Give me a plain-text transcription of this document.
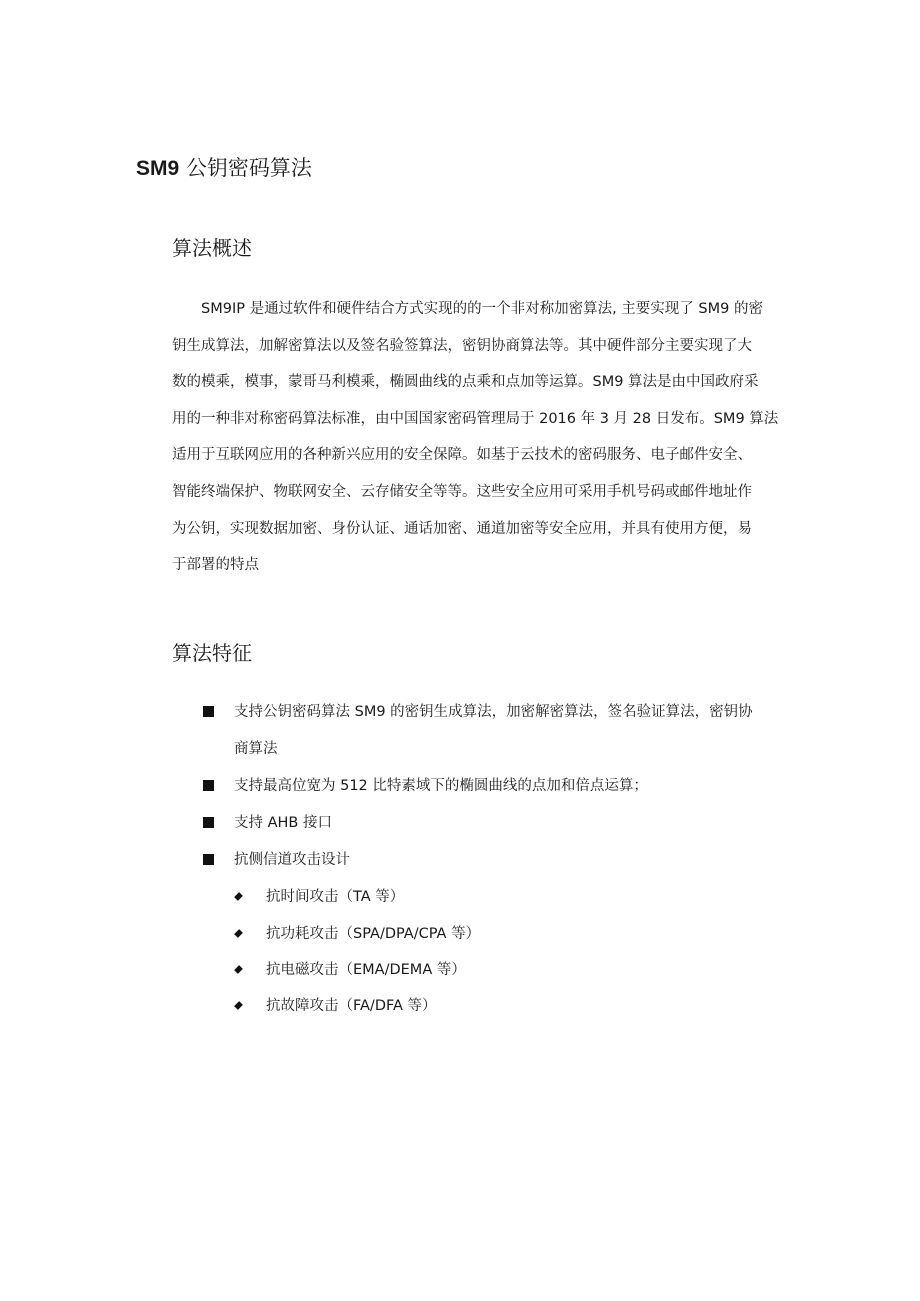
SM9 公钥密码算法
算法概述

SM9IP 是通过软件和硬件结合方式实现的的一个非对称加密算法, 主要实现了 SM9 的密
钥生成算法，加解密算法以及签名验签算法，密钥协商算法等。其中硬件部分主要实现了大
数的模乘，模事，蒙哥马利模乘，椭圆曲线的点乘和点加等运算。SM9 算法是由中国政府采
用的一种非对称密码算法标准，由中国国家密码管理局于 2016 年 3 月 28 日发布。SM9 算法
适用于互联网应用的各种新兴应用的安全保障。如基于云技术的密码服务、电子邮件安全、
智能终端保护、物联网安全、云存储安全等等。这些安全应用可采用手机号码或邮件地址作
为公钥，实现数据加密、身份认证、通话加密、通道加密等安全应用，并具有使用方便，易
于部署的特点

算法特征
支持公钥密码算法 SM9 的密钥生成算法，加密解密算法，签名验证算法，密钥协
商算法
支持最高位宽为 512 比特素域下的椭圆曲线的点加和倍点运算；
支持 AHB 接口
抗侧信道攻击设计
抗时间攻击（TA 等）
抗功耗攻击（SPA/DPA/CPA 等）
抗电磁攻击（EMA/DEMA 等）
抗故障攻击（FA/DFA 等）
